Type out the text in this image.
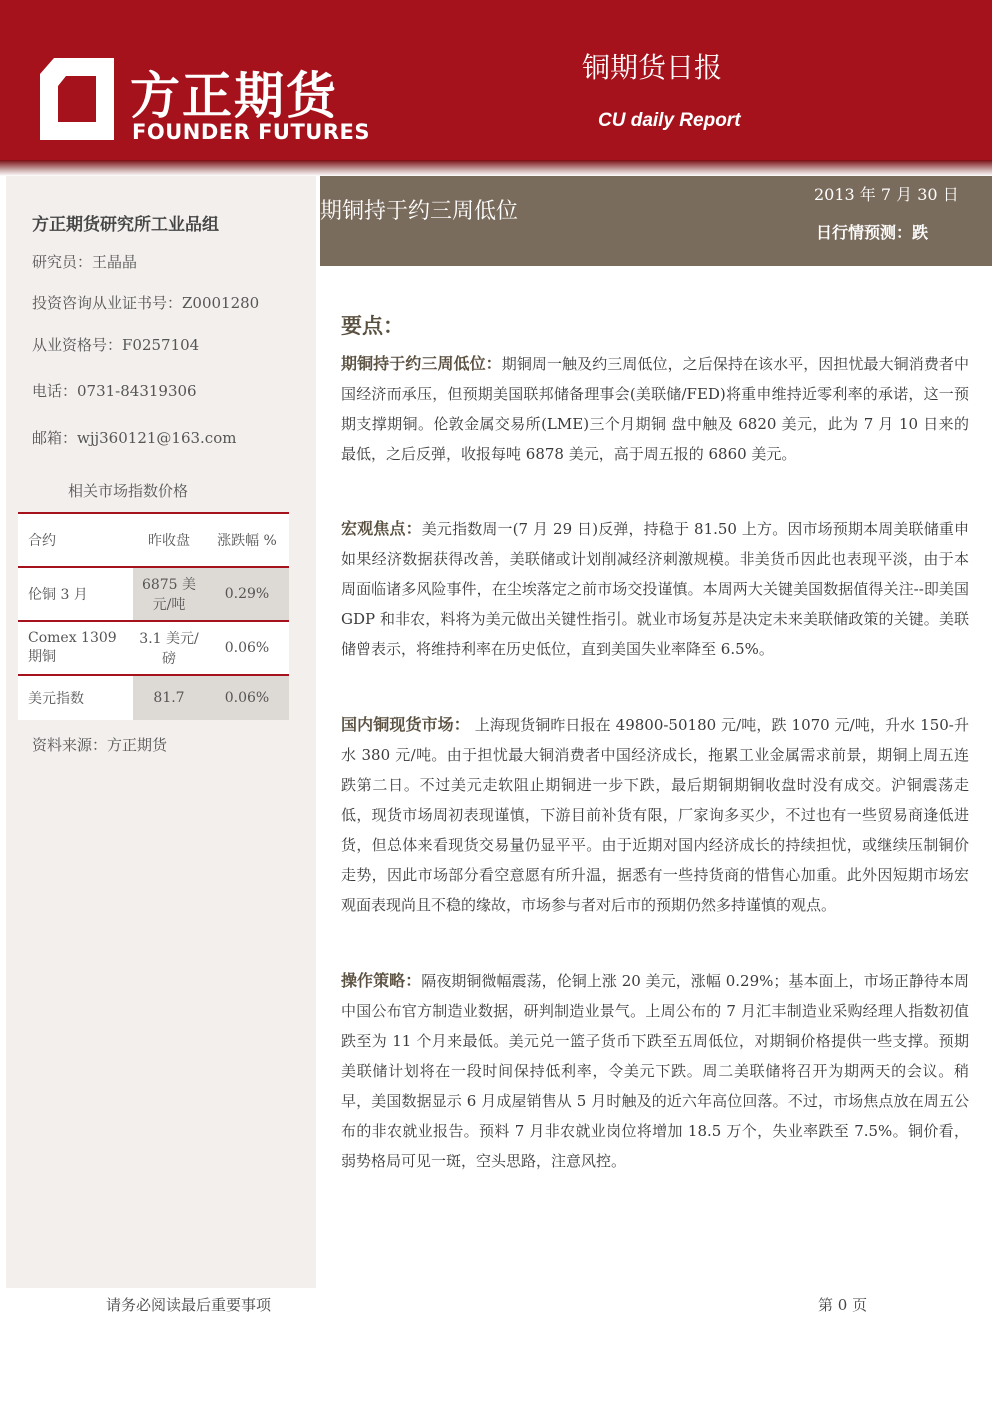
方正期货
FOUNDER FUTURES
铜期货日报
CU daily Report
方正期货研究所工业品组
研究员：王晶晶
投资咨询从业证书号：Z0001280
从业资格号：F0257104
电话：0731-84319306
邮箱：wjj360121@163.com
相关市场指数价格
合约	昨收盘	涨跌幅 %
伦铜 3 月	6875 美元/吨	0.29%
Comex 1309 期铜	3.1 美元/磅	0.06%
美元指数	81.7	0.06%
资料来源：方正期货
期铜持于约三周低位
2013 年 7 月 30 日
日行情预测：跌
要点：
期铜持于约三周低位：期铜周一触及约三周低位，之后保持在该水平，因担忧最大铜消费者中国经济而承压，但预期美国联邦储备理事会(美联储/FED)将重申维持近零利率的承诺，这一预期支撑期铜。伦敦金属交易所(LME)三个月期铜 盘中触及 6820 美元，此为 7 月 10 日来的最低，之后反弹，收报每吨 6878 美元，高于周五报的 6860 美元。
宏观焦点：美元指数周一(7 月 29 日)反弹，持稳于 81.50 上方。因市场预期本周美联储重申如果经济数据获得改善，美联储或计划削减经济刺激规模。非美货币因此也表现平淡，由于本周面临诸多风险事件，在尘埃落定之前市场交投谨慎。本周两大关键美国数据值得关注--即美国 GDP 和非农，料将为美元做出关键性指引。就业市场复苏是决定未来美联储政策的关键。美联储曾表示，将维持利率在历史低位，直到美国失业率降至 6.5%。
国内铜现货市场： 上海现货铜昨日报在 49800-50180 元/吨，跌 1070 元/吨，升水 150-升水 380 元/吨。由于担忧最大铜消费者中国经济成长，拖累工业金属需求前景，期铜上周五连跌第二日。不过美元走软阻止期铜进一步下跌，最后期铜期铜收盘时没有成交。沪铜震荡走低，现货市场周初表现谨慎，下游目前补货有限，厂家询多买少，不过也有一些贸易商逢低进货，但总体来看现货交易量仍显平平。由于近期对国内经济成长的持续担忧，或继续压制铜价走势，因此市场部分看空意愿有所升温，据悉有一些持货商的惜售心加重。此外因短期市场宏观面表现尚且不稳的缘故，市场参与者对后市的预期仍然多持谨慎的观点。
操作策略：隔夜期铜微幅震荡，伦铜上涨 20 美元，涨幅 0.29%；基本面上，市场正静待本周中国公布官方制造业数据，研判制造业景气。上周公布的 7 月汇丰制造业采购经理人指数初值跌至为 11 个月来最低。美元兑一篮子货币下跌至五周低位，对期铜价格提供一些支撑。预期美联储计划将在一段时间保持低利率，令美元下跌。周二美联储将召开为期两天的会议。稍早，美国数据显示 6 月成屋销售从 5 月时触及的近六年高位回落。不过，市场焦点放在周五公布的非农就业报告。预料 7 月非农就业岗位将增加 18.5 万个，失业率跌至 7.5%。铜价看，弱势格局可见一斑，空头思路，注意风控。
请务必阅读最后重要事项	第 0 页
